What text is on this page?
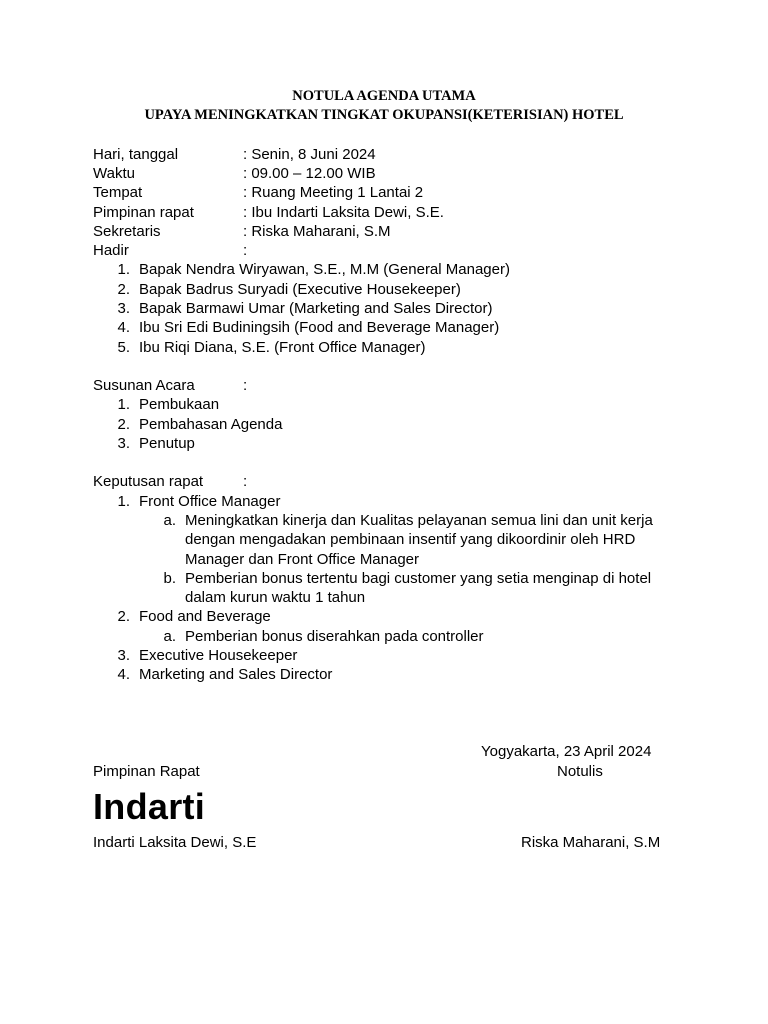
NOTULA AGENDA UTAMA
UPAYA MENINGKATKAN TINGKAT OKUPANSI(KETERISIAN) HOTEL
Hari, tanggal	: Senin, 8 Juni 2024
Waktu	: 09.00 – 12.00 WIB
Tempat	: Ruang Meeting 1 Lantai 2
Pimpinan rapat	: Ibu Indarti Laksita Dewi, S.E.
Sekretaris	: Riska Maharani, S.M
Hadir	:
1. Bapak Nendra Wiryawan, S.E., M.M (General Manager)
2. Bapak Badrus Suryadi (Executive Housekeeper)
3. Bapak Barmawi Umar (Marketing and Sales Director)
4. Ibu Sri Edi Budiningsih (Food and Beverage Manager)
5. Ibu Riqi Diana, S.E. (Front Office Manager)
Susunan Acara	:
1. Pembukaan
2. Pembahasan Agenda
3. Penutup
Keputusan rapat	:
1. Front Office Manager
a. Meningkatkan kinerja dan Kualitas pelayanan semua lini dan unit kerja
dengan mengadakan pembinaan insentif yang dikoordinir oleh HRD
Manager dan Front Office Manager
b. Pemberian bonus tertentu bagi customer yang setia menginap di hotel
dalam kurun waktu 1 tahun
2. Food and Beverage
a. Pemberian bonus diserahkan pada controller
3. Executive Housekeeper
4. Marketing and Sales Director
Yogyakarta, 23 April 2024
Pimpinan Rapat	Notulis
Indarti
Indarti Laksita Dewi, S.E	Riska Maharani, S.M
